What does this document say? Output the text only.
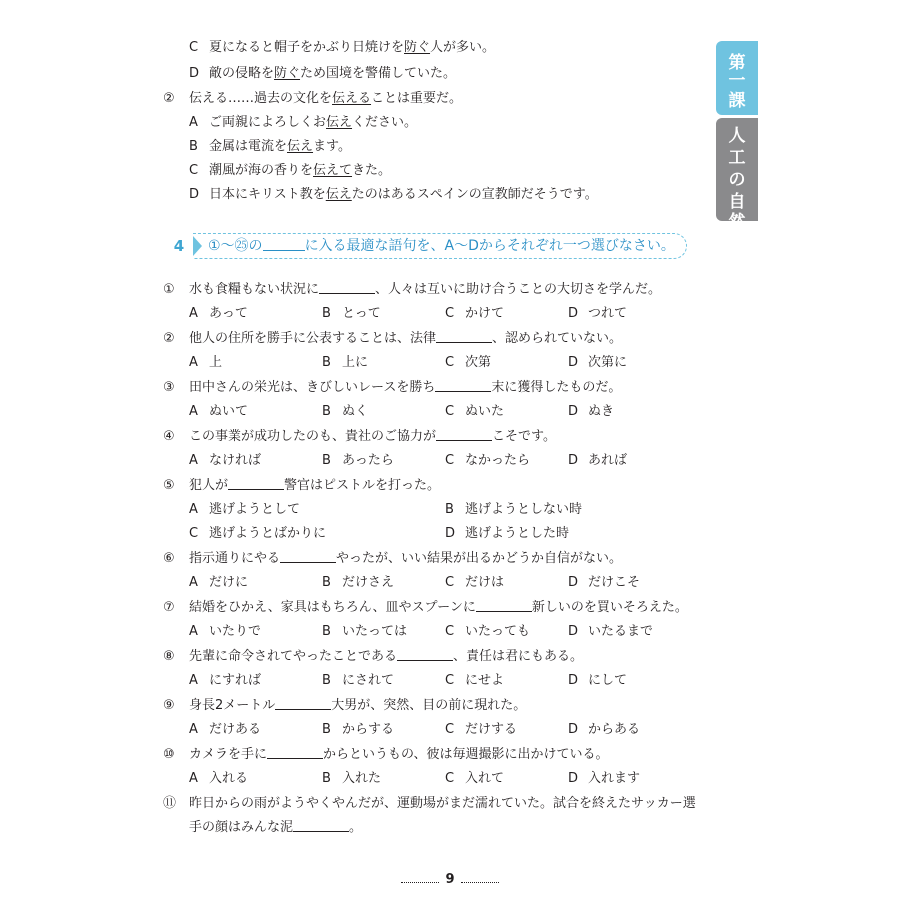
第
一
課
人
工
の
自
然
C 夏になると帽子をかぶり日焼けを防ぐ人が多い。
D 敵の侵略を防ぐため国境を警備していた。
② 伝える……過去の文化を伝えることは重要だ。
A ご両親によろしくお伝えください。
B 金属は電流を伝えます。
C 潮風が海の香りを伝えてきた。
D 日本にキリスト教を伝えたのはあるスペインの宣教師だそうです。
4	①〜㉕の	に入る最適な語句を、A〜Dからそれぞれ一つ選びなさい。
① 水も食糧もない状況に	、人々は互いに助け合うことの大切さを学んだ。
A あって	B とって	C かけて	D つれて
② 他人の住所を勝手に公表することは、法律	、認められていない。
A 上	B 上に	C 次第	D 次第に
③ 田中さんの栄光は、きびしいレースを勝ち	末に獲得したものだ。
A ぬいて	B ぬく	C ぬいた	D ぬき
④ この事業が成功したのも、貴社のご協力が	こそです。
A なければ	B あったら	C なかったら	D あれば
⑤ 犯人が	警官はピストルを打った。
A 逃げようとして	B 逃げようとしない時
C 逃げようとばかりに	D 逃げようとした時
⑥ 指示通りにやる	やったが、いい結果が出るかどうか自信がない。
A だけに	B だけさえ	C だけは	D だけこそ
⑦ 結婚をひかえ、家具はもちろん、皿やスプーンに	新しいのを買いそろえた。
A いたりで	B いたっては	C いたっても	D いたるまで
⑧ 先輩に命令されてやったことである	、責任は君にもある。
A にすれば	B にされて	C にせよ	D にして
⑨ 身長2メートル	大男が、突然、目の前に現れた。
A だけある	B からする	C だけする	D からある
⑩ カメラを手に	からというもの、彼は毎週撮影に出かけている。
A 入れる	B 入れた	C 入れて	D 入れます
⑪ 昨日からの雨がようやくやんだが、運動場がまだ濡れていた。試合を終えたサッカー選
手の顔はみんな泥	。
9
